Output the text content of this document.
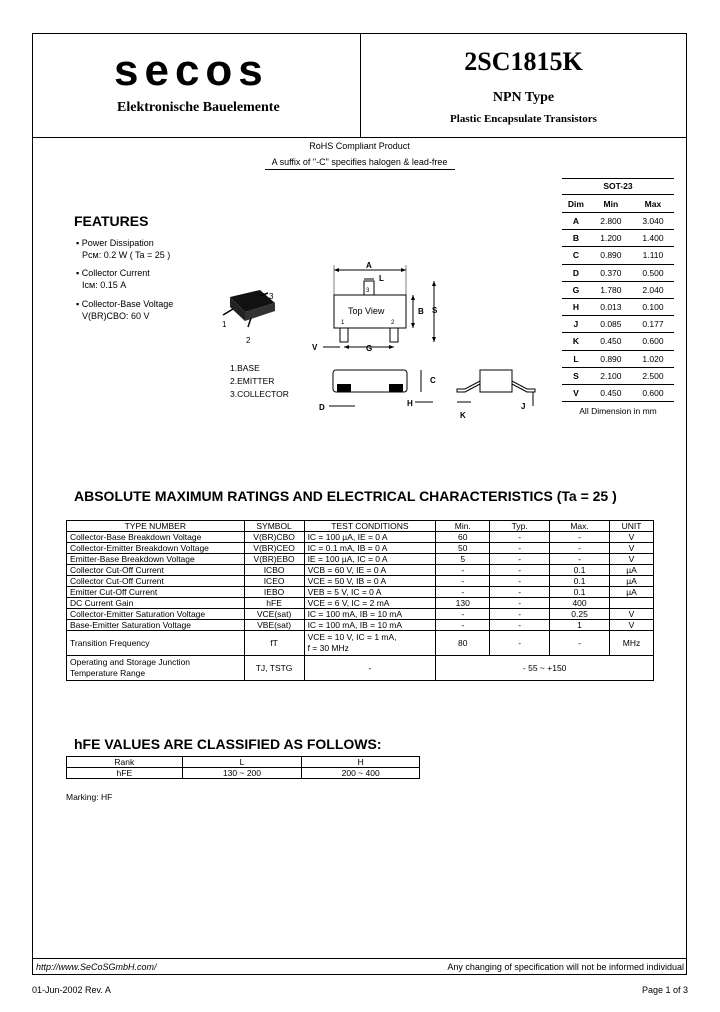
secos
Elektronische Bauelemente
2SC1815K
NPN Type
Plastic Encapsulate Transistors
RoHS Compliant Product
A suffix of "-C" specifies halogen & lead-free
FEATURES
▪ Power Dissipation
Pcм: 0.2 W ( Ta = 25 )
▪ Collector Current
Icм: 0.15 A
▪ Collector-Base Voltage
V(BR)CBO: 60 V
3
1
2
1.BASE
2.EMITTER
3.COLLECTOR
A
L
Top View
3
1	2
B S
V	G
C
D	H
K
J
SOT-23
Dim	Min	Max
A	2.800	3.040
B	1.200	1.400
C	0.890	1.110
D	0.370	0.500
G	1.780	2.040
H	0.013	0.100
J	0.085	0.177
K	0.450	0.600
L	0.890	1.020
S	2.100	2.500
V	0.450	0.600
All Dimension in mm
ABSOLUTE MAXIMUM RATINGS AND ELECTRICAL CHARACTERISTICS (Ta = 25 )
TYPE NUMBER	SYMBOL	TEST CONDITIONS	Min.	Typ.	Max.	UNIT
Collector-Base Breakdown Voltage	V(BR)CBO	IC = 100 µA, IE = 0 A	60	-	-	V
Collector-Emitter Breakdown Voltage	V(BR)CEO	IC = 0.1 mA, IB = 0 A	50	-	-	V
Emitter-Base Breakdown Voltage	V(BR)EBO	IE = 100 µA, IC = 0 A	5	-	-	V
Collector Cut-Off Current	ICBO	VCB = 60 V, IE = 0 A	-	-	0.1	µA
Collector Cut-Off Current	ICEO	VCE = 50 V, IB = 0 A	-	-	0.1	µA
Emitter Cut-Off Current	IEBO	VEB = 5 V, IC = 0 A	-	-	0.1	µA
DC Current Gain	hFE	VCE = 6 V, IC = 2 mA	130	-	400	
Collector-Emitter Saturation Voltage	VCE(sat)	IC = 100 mA, IB = 10 mA	-	-	0.25	V
Base-Emitter Saturation Voltage	VBE(sat)	IC = 100 mA, IB = 10 mA	-	-	1	V
Transition Frequency	fT	VCE = 10 V, IC = 1 mA,
f = 30 MHz	80	-	-	MHz

Operating and Storage Junction
Temperature Range	TJ, TSTG	-	- 55 ~ +150			
hFE VALUES ARE CLASSIFIED AS FOLLOWS:
Rank	L	H
hFE	130 ~ 200	200 ~ 400
Marking: HF
http://www.SeCoSGmbH.com/	Any changing of specification will not be informed individual
01-Jun-2002 Rev. A	Page 1 of 3
